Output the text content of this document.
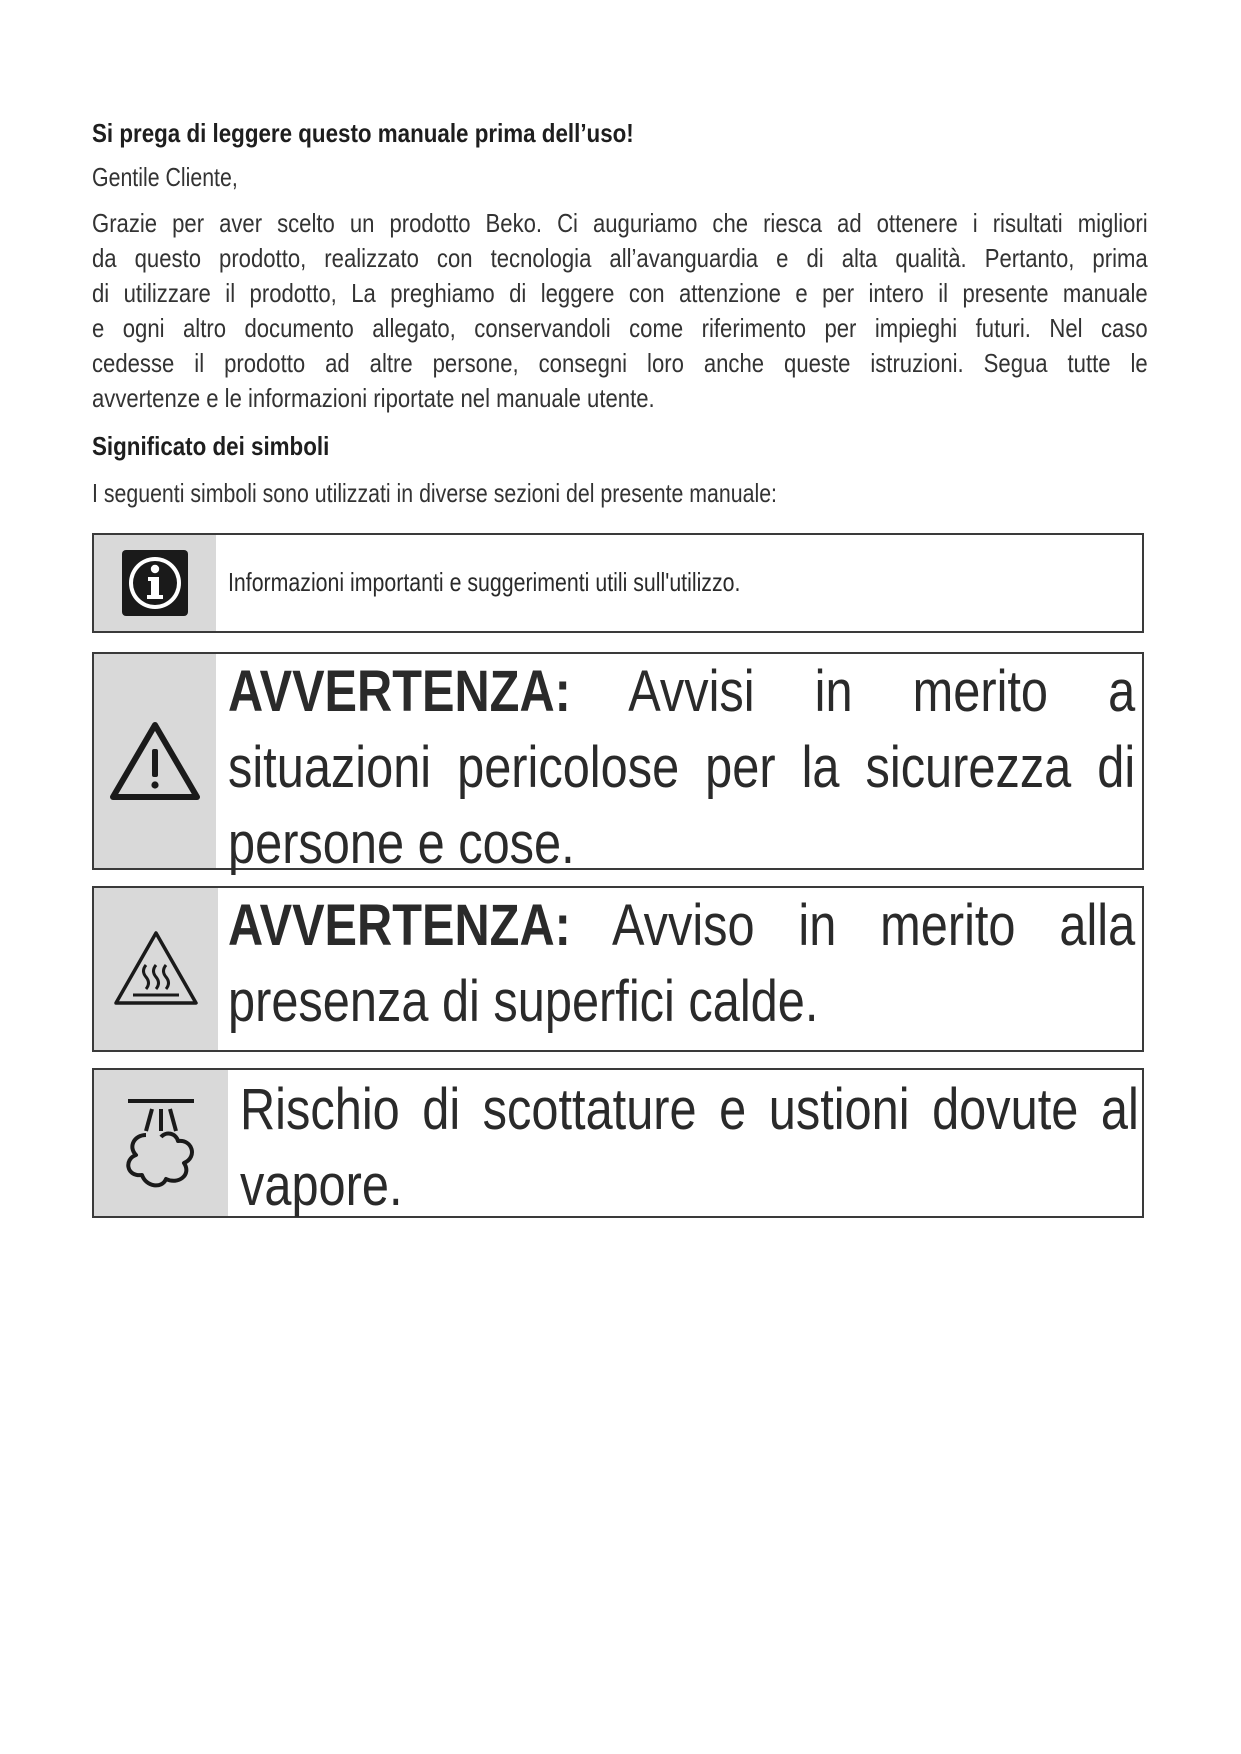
Si prega di leggere questo manuale prima dell’uso!
Gentile Cliente,
Grazie per aver scelto un prodotto Beko. Ci auguriamo che riesca ad ottenere i risultati migliori
da questo prodotto, realizzato con tecnologia all’avanguardia e di alta qualità. Pertanto, prima
di utilizzare il prodotto, La preghiamo di leggere con attenzione e per intero il presente manuale
e ogni altro documento allegato, conservandoli come riferimento per impieghi futuri. Nel caso
cedesse il prodotto ad altre persone, consegni loro anche queste istruzioni. Segua tutte le
avvertenze e le informazioni riportate nel manuale utente.
Significato dei simboli
I seguenti simboli sono utilizzati in diverse sezioni del presente manuale:
Informazioni importanti e suggerimenti utili sull'utilizzo.
AVVERTENZA: Avvisi in merito a situazioni pericolose per la sicurezza di persone e cose.
AVVERTENZA: Avviso in merito alla presenza di superfici calde.
Rischio di scottature e ustioni dovute al vapore.
